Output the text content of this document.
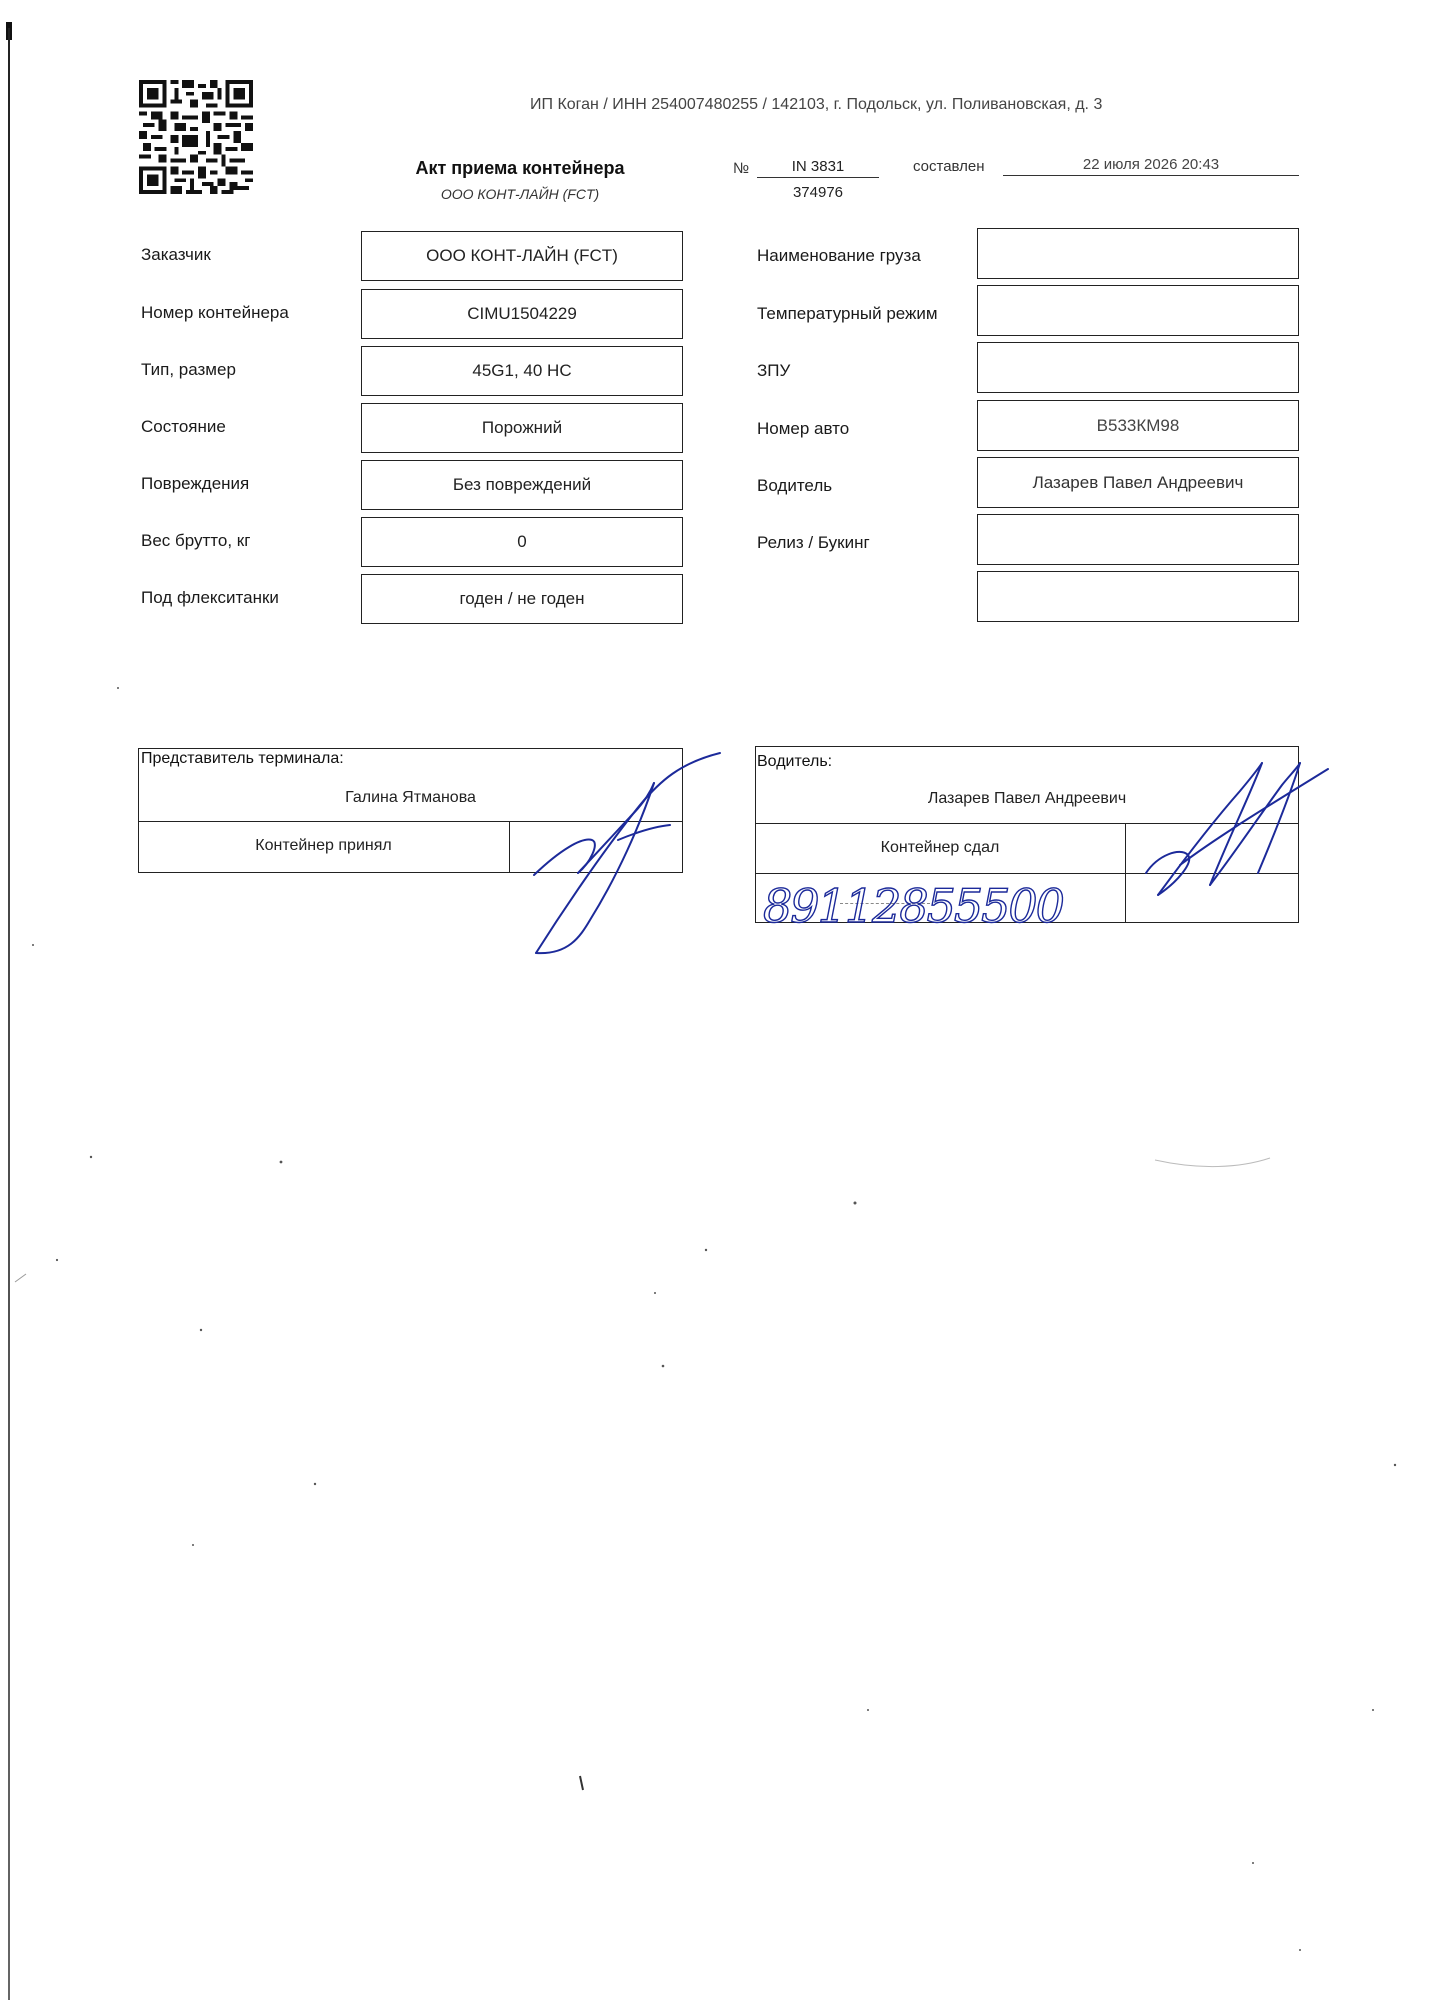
ИП Коган / ИНН 254007480255 / 142103, г. Подольск, ул. Поливановская, д. 3
Акт приема контейнера
ООО КОНТ-ЛАЙН (FCT)
№	IN 3831
374976
составлен	22 июля 2026 20:43
Заказчик	ООО КОНТ-ЛАЙН (FCT)
Номер контейнера	CIMU1504229
Тип, размер	45G1, 40 HC
Состояние	Порожний
Повреждения	Без повреждений
Вес брутто, кг	0
Под флекситанки	годен / не годен
Наименование груза
Температурный режим
ЗПУ
Номер авто	В533КМ98
Водитель	Лазарев Павел Андреевич
Релиз / Букинг
Представитель терминала:
Галина Ятманова
Контейнер принял
Водитель:
Лазарев Павел Андреевич
Контейнер сдал
89112855500
